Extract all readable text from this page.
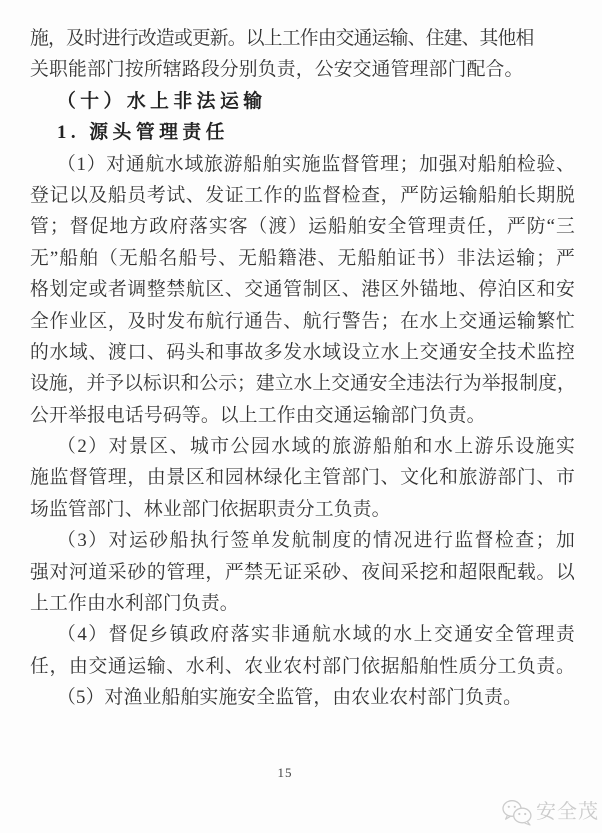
施，及时进行改造或更新。以上工作由交通运输、住建、其他相
关职能部门按所辖路段分别负责，公安交通管理部门配合。
（十）水上非法运输
1. 源头管理责任
（1）对通航水域旅游船舶实施监督管理；加强对船舶检验、
登记以及船员考试、发证工作的监督检查，严防运输船舶长期脱
管；督促地方政府落实客（渡）运船舶安全管理责任，严防“三
无”船舶（无船名船号、无船籍港、无船舶证书）非法运输；严
格划定或者调整禁航区、交通管制区、港区外锚地、停泊区和安
全作业区，及时发布航行通告、航行警告；在水上交通运输繁忙
的水域、渡口、码头和事故多发水域设立水上交通安全技术监控
设施，并予以标识和公示；建立水上交通安全违法行为举报制度，
公开举报电话号码等。以上工作由交通运输部门负责。
（2）对景区、城市公园水域的旅游船舶和水上游乐设施实
施监督管理，由景区和园林绿化主管部门、文化和旅游部门、市
场监管部门、林业部门依据职责分工负责。
（3）对运砂船执行签单发航制度的情况进行监督检查；加
强对河道采砂的管理，严禁无证采砂、夜间采挖和超限配载。以
上工作由水利部门负责。
（4）督促乡镇政府落实非通航水域的水上交通安全管理责
任，由交通运输、水利、农业农村部门依据船舶性质分工负责。
（5）对渔业船舶实施安全监管，由农业农村部门负责。
15
安全茂
